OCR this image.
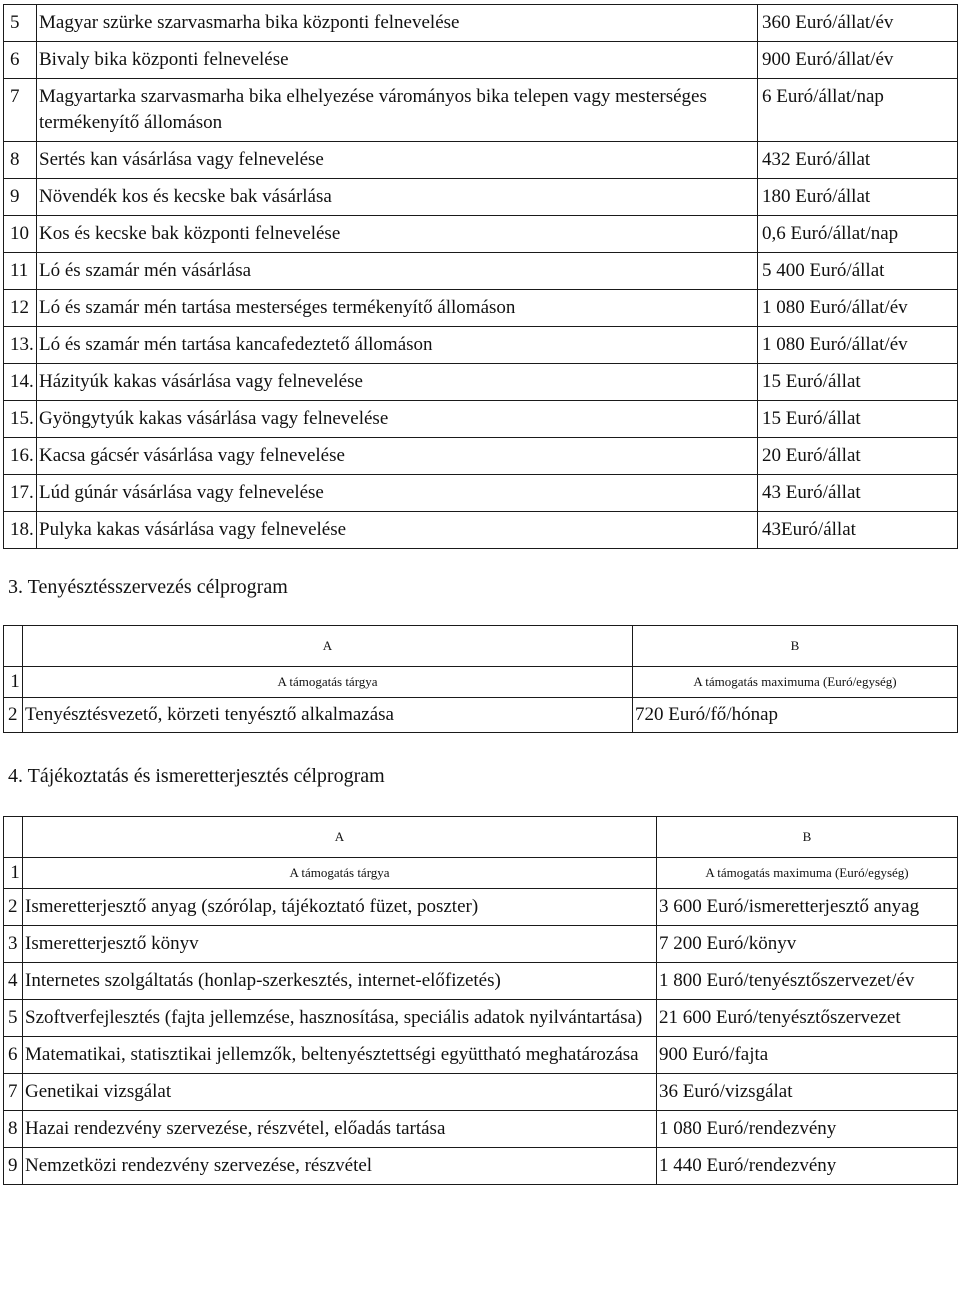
5	Magyar szürke szarvasmarha bika központi felnevelése	360 Euró/állat/év
6	Bivaly bika központi felnevelése	900 Euró/állat/év
7	Magyartarka szarvasmarha bika elhelyezése várományos bika telepen vagy mesterséges termékenyítő állomáson	6 Euró/állat/nap
8	Sertés kan vásárlása vagy felnevelése	432 Euró/állat
9	Növendék kos és kecske bak vásárlása	180 Euró/állat
10	Kos és kecske bak központi felnevelése	0,6 Euró/állat/nap
11	Ló és szamár mén vásárlása	5 400 Euró/állat
12	Ló és szamár mén tartása mesterséges termékenyítő állomáson	1 080 Euró/állat/év
13.	Ló és szamár mén tartása kancafedeztető állomáson	1 080 Euró/állat/év
14.	Házityúk kakas vásárlása vagy felnevelése	15 Euró/állat
15.	Gyöngytyúk kakas vásárlása vagy felnevelése	15 Euró/állat
16.	Kacsa gácsér vásárlása vagy felnevelése	20 Euró/állat
17.	Lúd gúnár vásárlása vagy felnevelése	43 Euró/állat
18.	Pulyka kakas vásárlása vagy felnevelése	43Euró/állat
3. Tenyésztésszervezés célprogram
	A	B
1	A támogatás tárgya	A támogatás maximuma (Euró/egység)
2	Tenyésztésvezető, körzeti tenyésztő alkalmazása	720 Euró/fő/hónap
4. Tájékoztatás és ismeretterjesztés célprogram
	A	B
1	A támogatás tárgya	A támogatás maximuma (Euró/egység)
2	Ismeretterjesztő anyag (szórólap, tájékoztató füzet, poszter)	3 600 Euró/ismeretterjesztő anyag
3	Ismeretterjesztő könyv	7 200 Euró/könyv
4	Internetes szolgáltatás (honlap-szerkesztés, internet-előfizetés)	1 800 Euró/tenyésztőszervezet/év
5	Szoftverfejlesztés (fajta jellemzése, hasznosítása, speciális adatok nyilvántartása)	21 600 Euró/tenyésztőszervezet
6	Matematikai, statisztikai jellemzők, beltenyésztettségi együttható meghatározása	900 Euró/fajta
7	Genetikai vizsgálat	36 Euró/vizsgálat
8	Hazai rendezvény szervezése, részvétel, előadás tartása	1 080 Euró/rendezvény
9	Nemzetközi rendezvény szervezése, részvétel	1 440 Euró/rendezvény
